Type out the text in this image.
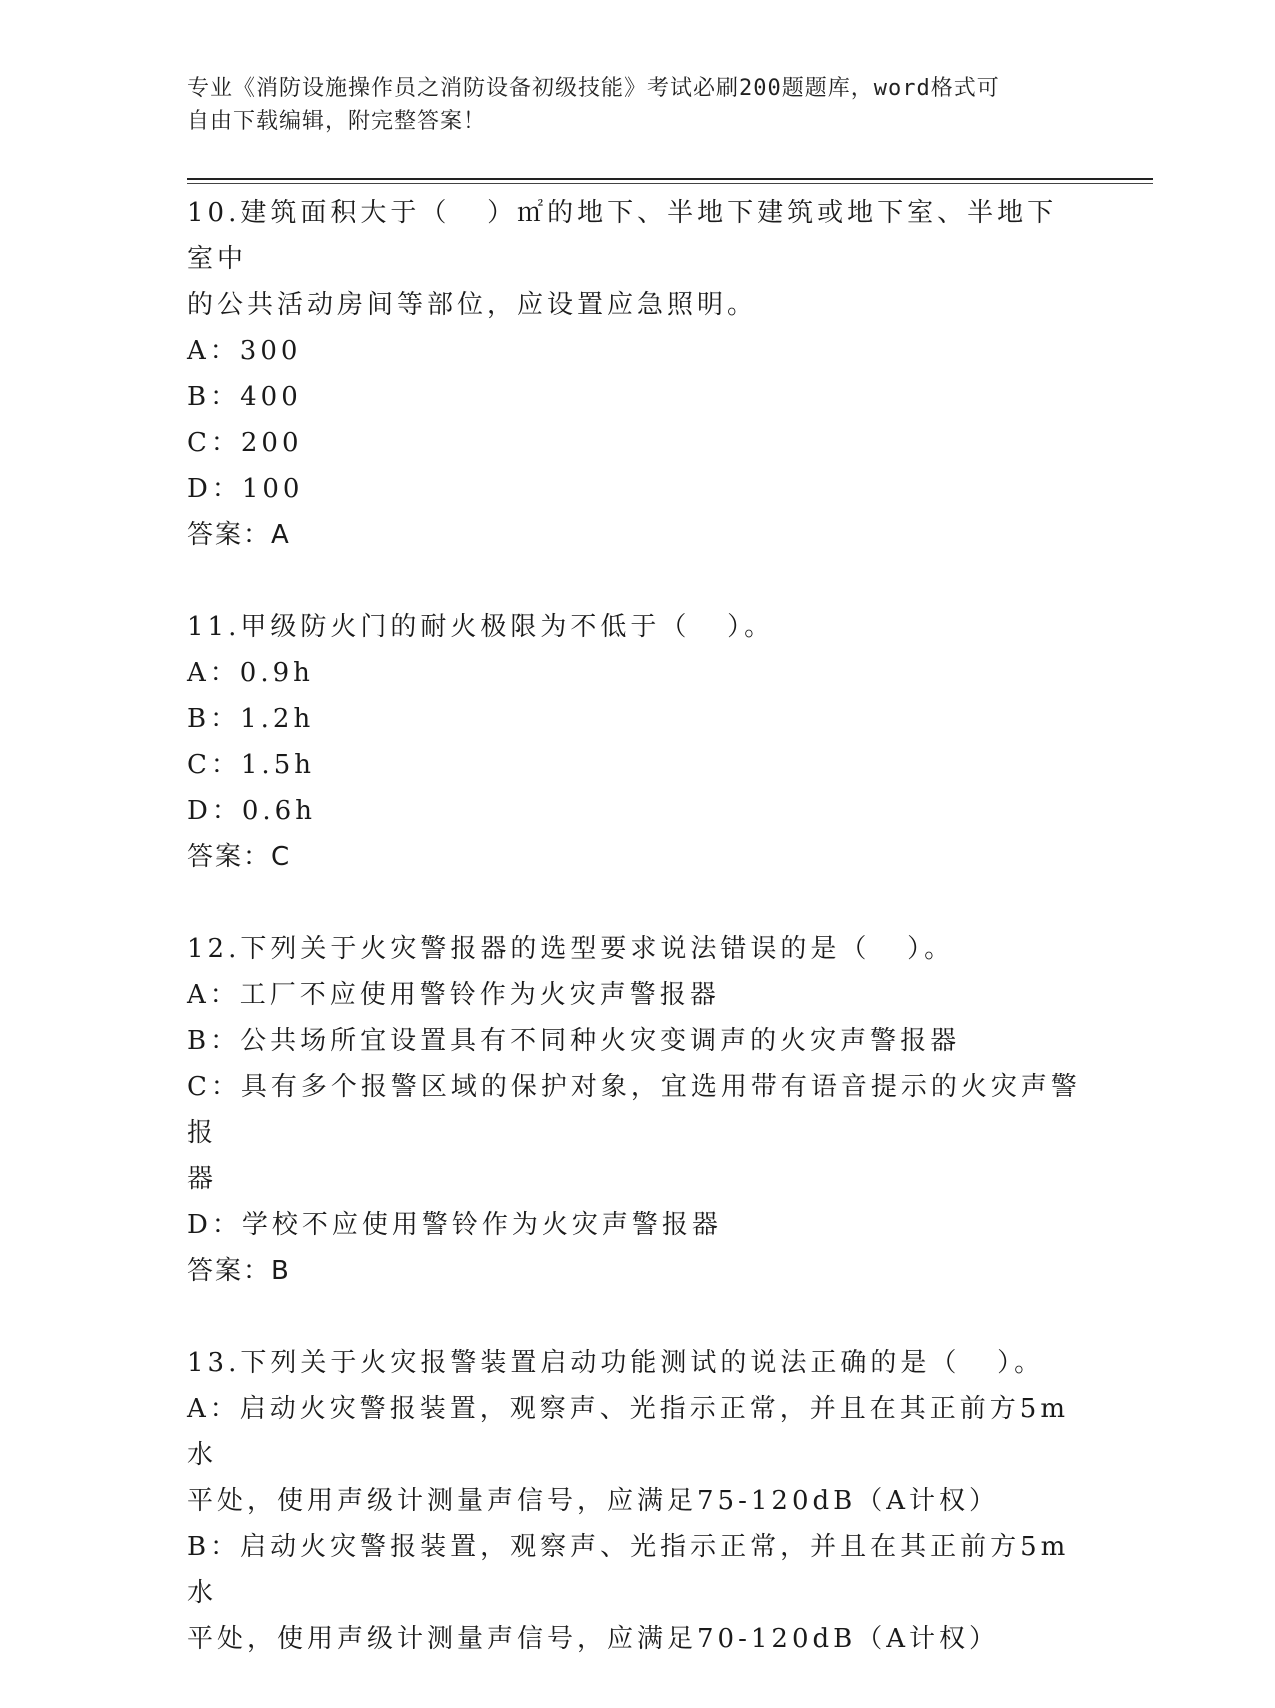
专业《消防设施操作员之消防设备初级技能》考试必刷200题题库，word格式可
自由下载编辑，附完整答案！

10.建筑面积大于（   ）㎡的地下、半地下建筑或地下室、半地下室中

的公共活动房间等部位，应设置应急照明。

A：300

B：400

C：200

D：100

答案：A

11.甲级防火门的耐火极限为不低于（   ）。

A：0.9h

B：1.2h

C：1.5h

D：0.6h

答案：C

12.下列关于火灾警报器的选型要求说法错误的是（   ）。

A：工厂不应使用警铃作为火灾声警报器

B：公共场所宜设置具有不同种火灾变调声的火灾声警报器

C：具有多个报警区域的保护对象，宜选用带有语音提示的火灾声警报

器

D：学校不应使用警铃作为火灾声警报器

答案：B

13.下列关于火灾报警装置启动功能测试的说法正确的是（   ）。

A：启动火灾警报装置，观察声、光指示正常，并且在其正前方5m水

平处，使用声级计测量声信号，应满足75-120dB（A计权）

B：启动火灾警报装置，观察声、光指示正常，并且在其正前方5m水

平处，使用声级计测量声信号，应满足70-120dB（A计权）
